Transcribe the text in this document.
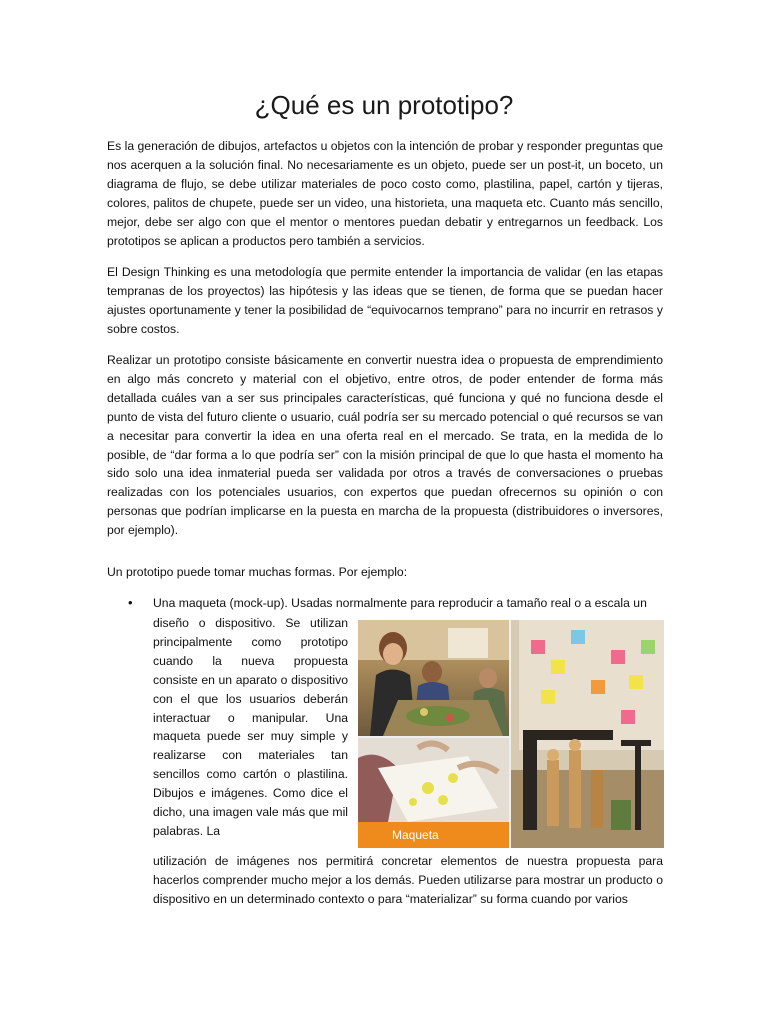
¿Qué es un prototipo?

Es la generación de dibujos, artefactos u objetos con la intención de probar y responder preguntas que nos acerquen a la solución final. No necesariamente es un objeto, puede ser un post-it, un boceto, un diagrama de flujo, se debe utilizar materiales de poco costo como, plastilina, papel, cartón y tijeras, colores, palitos de chupete, puede ser un video, una historieta, una maqueta etc. Cuanto más sencillo, mejor, debe ser algo con que el mentor o mentores puedan debatir y entregarnos un feedback. Los prototipos se aplican a productos pero también a servicios.

El Design Thinking es una metodología que permite entender la importancia de validar (en las etapas tempranas de los proyectos) las hipótesis y las ideas que se tienen, de forma que se puedan hacer ajustes oportunamente y tener la posibilidad de “equivocarnos temprano” para no incurrir en retrasos y sobre costos.

Realizar un prototipo consiste básicamente en convertir nuestra idea o propuesta de emprendimiento en algo más concreto y material con el objetivo, entre otros, de poder entender de forma más detallada cuáles van a ser sus principales características, qué funciona y qué no funciona desde el punto de vista del futuro cliente o usuario, cuál podría ser su mercado potencial o qué recursos se van a necesitar para convertir la idea en una oferta real en el mercado. Se trata, en la medida de lo posible, de “dar forma a lo que podría ser” con la misión principal de que lo que hasta el momento ha sido solo una idea inmaterial pueda ser validada por otros a través de conversaciones o pruebas realizadas con los potenciales usuarios, con expertos que puedan ofrecernos su opinión o con personas que podrían implicarse en la puesta en marcha de la propuesta (distribuidores o inversores, por ejemplo).

Un prototipo puede tomar muchas formas. Por ejemplo:

• Una maqueta (mock-up). Usadas normalmente para reproducir a tamaño real o a escala un

diseño o dispositivo. Se utilizan principalmente como prototipo cuando la nueva propuesta consiste en un aparato o dispositivo con el que los usuarios deberán interactuar o manipular. Una maqueta puede ser muy simple y realizarse con materiales tan sencillos como cartón o plastilina. Dibujos e imágenes. Como dice el dicho, una imagen vale más que mil palabras. La	Maqueta

utilización de imágenes nos permitirá concretar elementos de nuestra propuesta para hacerlos comprender mucho mejor a los demás. Pueden utilizarse para mostrar un producto o dispositivo en un determinado contexto o para “materializar” su forma cuando por varios
